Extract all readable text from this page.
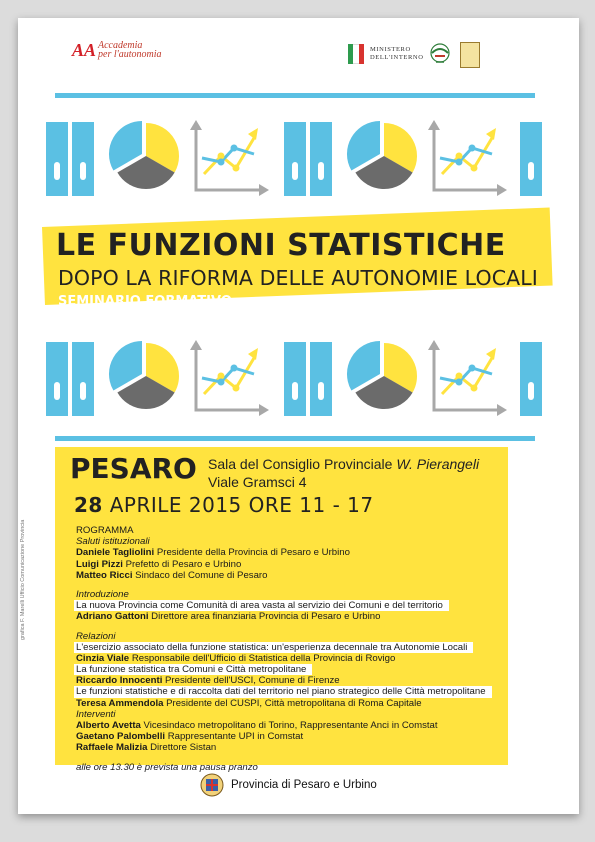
AA Accademia
per l'autonomia	MINISTERO
DELL'INTERNO
LE FUNZIONI STATISTICHE
DOPO LA RIFORMA DELLE AUTONOMIE LOCALI
SEMINARIO FORMATIVO
PESARO Sala del Consiglio Provinciale W. Pierangeli
Viale Gramsci 4
28 APRILE 2015 ORE 11 - 17
ROGRAMMA
Saluti istituzionali
Daniele Tagliolini Presidente della Provincia di Pesaro e Urbino
Luigi Pizzi Prefetto di Pesaro e Urbino
Matteo Ricci Sindaco del Comune di Pesaro
Introduzione
La nuova Provincia come Comunità di area vasta al servizio dei Comuni e del territorio
Adriano Gattoni Direttore area finanziaria Provincia di Pesaro e Urbino
Relazioni
L'esercizio associato della funzione statistica: un'esperienza decennale tra Autonomie Locali
Cinzia Viale Responsabile dell'Ufficio di Statistica della Provincia di Rovigo
La funzione statistica tra Comuni e Città metropolitane
Riccardo Innocenti Presidente dell'USCI, Comune di Firenze
Le funzioni statistiche e di raccolta dati del territorio nel piano strategico delle Città metropolitane
Teresa Ammendola Presidente del CUSPI, Città metropolitana di Roma Capitale
Interventi
Alberto Avetta Vicesindaco metropolitano di Torino, Rappresentante Anci in Comstat
Gaetano Palombelli Rappresentante UPI in Comstat
Raffaele Malizia Direttore Sistan
alle ore 13.30 è prevista una pausa pranzo
grafica F. Marelli Ufficio Comunicazione Provincia
Provincia di Pesaro e Urbino
